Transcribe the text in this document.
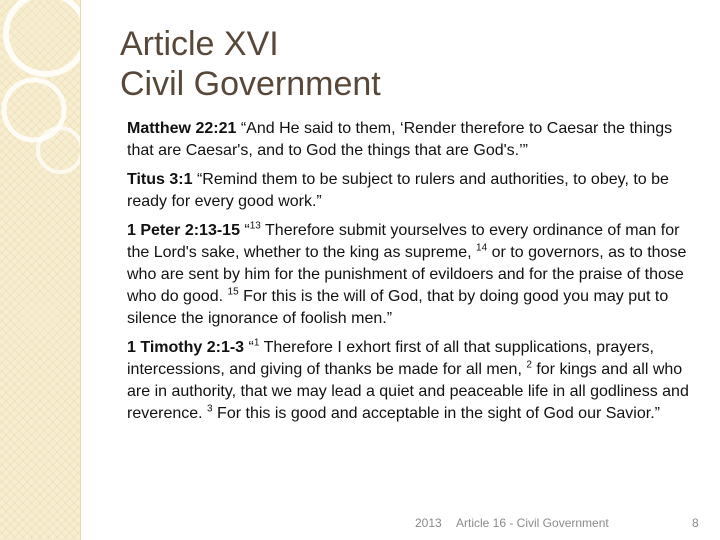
Article XVI
Civil Government

Matthew 22:21 “And He said to them, ‘Render therefore to Caesar the things that are Caesar's, and to God the things that are God's.’”

Titus 3:1 “Remind them to be subject to rulers and authorities, to obey, to be ready for every good work.”

1 Peter 2:13-15 “$^{13}$ Therefore submit yourselves to every ordinance of man for the Lord's sake, whether to the king as supreme, $^{14}$ or to governors, as to those who are sent by him for the punishment of evildoers and for the praise of those who do good. $^{15}$ For this is the will of God, that by doing good you may put to silence the ignorance of foolish men.”

1 Timothy 2:1-3 “$^1$ Therefore I exhort first of all that supplications, prayers, intercessions, and giving of thanks be made for all men, $^2$ for kings and all who are in authority, that we may lead a quiet and peaceable life in all godliness and reverence. $^3$ For this is good and acceptable in the sight of God our Savior.”

2013 Article 16 - Civil Government	8
